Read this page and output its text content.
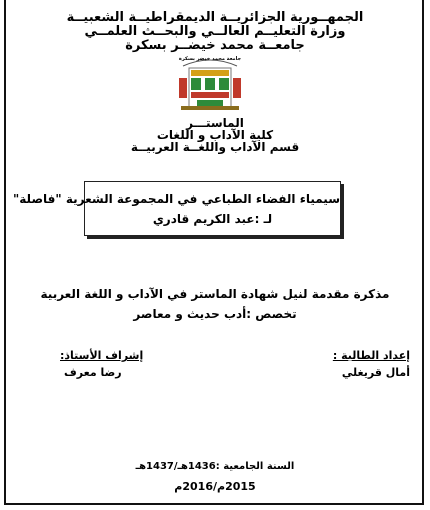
الجمهــورية الجزائريــة الديمقراطيــة الشعبيــة
وزارة التعليــم العالــي والبحــث العلمــي
جامعــة محمد خيضــر بسكرة
جامعة محمد خيضر بسكرة
الماستـــر
كلية الآداب و اللغات
قسم الآداب واللغــة العربيــة
سيمياء الفضاء الطباعي في المجموعة الشعرية "فاصلة"
لـ :عبد الكريم قادري
مذكرة مقدمة لنيل شهادة الماستر في الآداب و اللغة العربية
تخصص :أدب حديث و معاصر
إعداد الطالبة :
أمال قريغلي
إشراف الأستاذ:
رضا معرف
السنة الجامعية :1436هـ/1437هـ
2015م/2016م
